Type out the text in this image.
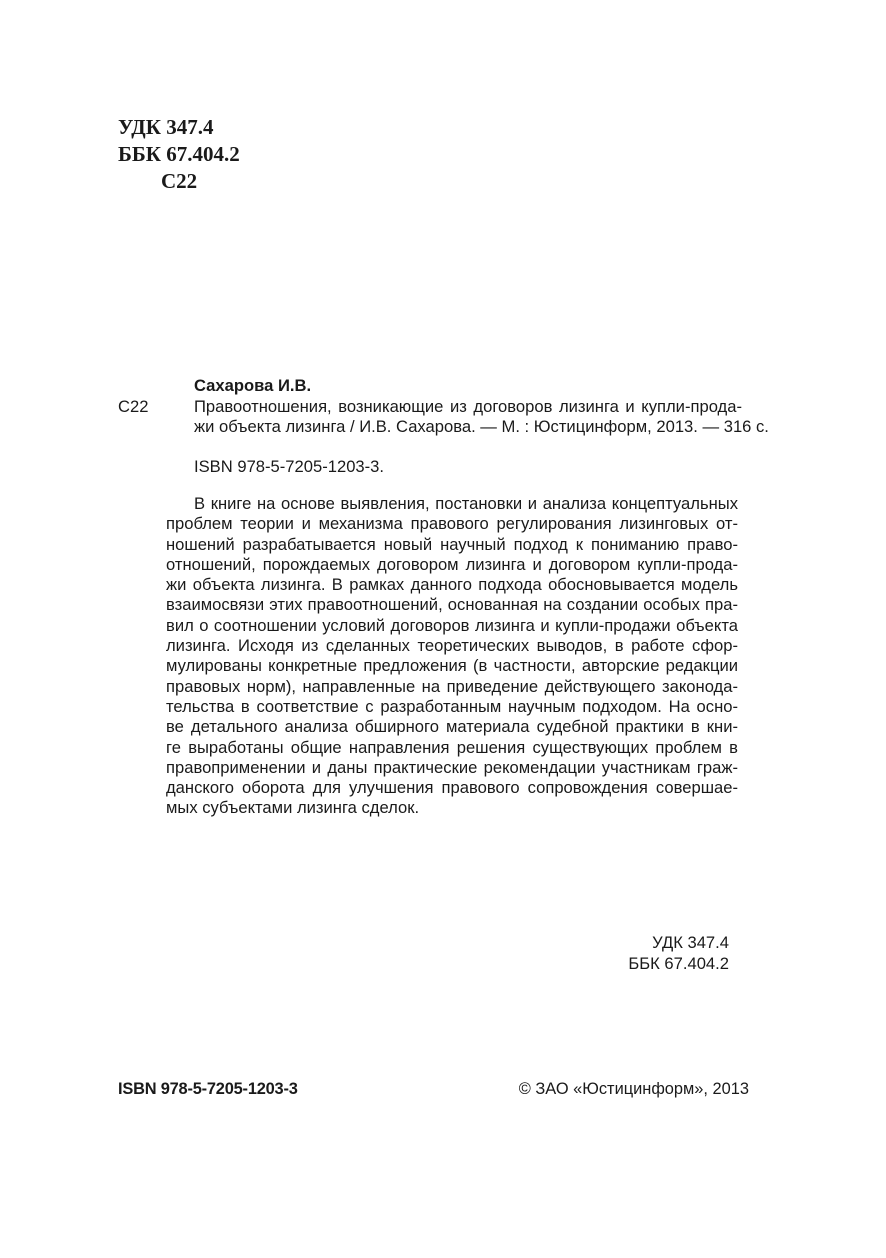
УДК 347.4
ББК 67.404.2
С22
Сахарова И.В.
С22	Правоотношения, возникающие из договоров лизинга и купли-прода-
жи объекта лизинга / И.В. Сахарова. — М. : Юстицинформ, 2013. — 316 с.
ISBN 978-5-7205-1203-3.
В книге на основе выявления, постановки и анализа концептуальных
проблем теории и механизма правового регулирования лизинговых от-
ношений разрабатывается новый научный подход к пониманию право-
отношений, порождаемых договором лизинга и договором купли-прода-
жи объекта лизинга. В рамках данного подхода обосновывается модель
взаимосвязи этих правоотношений, основанная на создании особых пра-
вил о соотношении условий договоров лизинга и купли-продажи объекта
лизинга. Исходя из сделанных теоретических выводов, в работе сфор-
мулированы конкретные предложения (в частности, авторские редакции
правовых норм), направленные на приведение действующего законода-
тельства в соответствие с разработанным научным подходом. На осно-
ве детального анализа обширного материала судебной практики в кни-
ге выработаны общие направления решения существующих проблем в
правоприменении и даны практические рекомендации участникам граж-
данского оборота для улучшения правового сопровождения совершае-
мых субъектами лизинга сделок.
УДК 347.4
ББК 67.404.2
ISBN 978-5-7205-1203-3	© ЗАО «Юстицинформ», 2013
